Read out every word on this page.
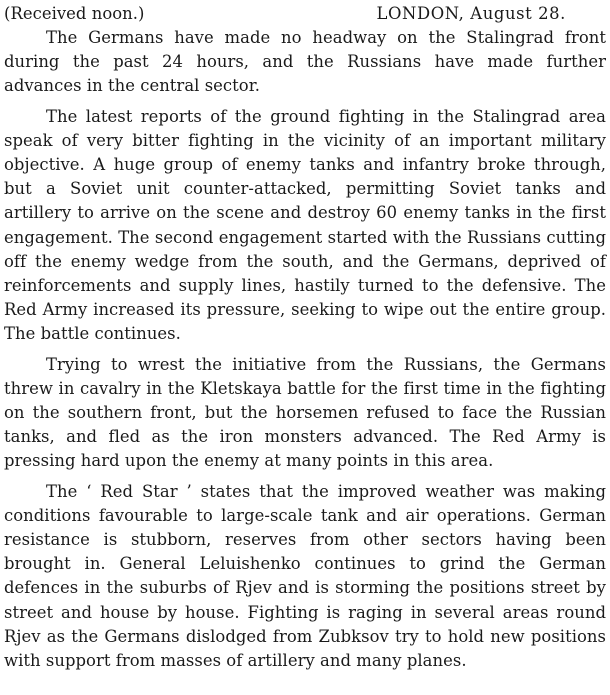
(Received noon.)	LONDON, August 28.

The Germans have made no headway on the Stalingrad front during the past 24 hours, and the Russians have made further advances in the central sector.

The latest reports of the ground fighting in the Stalingrad area speak of very bitter fighting in the vicinity of an important military objective. A huge group of enemy tanks and infantry broke through, but a Soviet unit counter-attacked, permitting Soviet tanks and artillery to arrive on the scene and destroy 60 enemy tanks in the first engagement. The second engagement started with the Russians cutting off the enemy wedge from the south, and the Germans, deprived of reinforcements and supply lines, hastily turned to the defensive. The Red Army increased its pressure, seeking to wipe out the entire group. The battle continues.

Trying to wrest the initiative from the Russians, the Germans threw in cavalry in the Kletskaya battle for the first time in the fighting on the southern front, but the horsemen refused to face the Russian tanks, and fled as the iron monsters advanced. The Red Army is pressing hard upon the enemy at many points in this area.

The ‘ Red Star ’ states that the improved weather was making conditions favourable to large-scale tank and air operations. German resistance is stubborn, reserves from other sectors having been brought in. General Leluishenko continues to grind the German defences in the suburbs of Rjev and is storming the positions street by street and house by house. Fighting is raging in several areas round Rjev as the Germans dislodged from Zubksov try to hold new positions with support from masses of artillery and many planes.
